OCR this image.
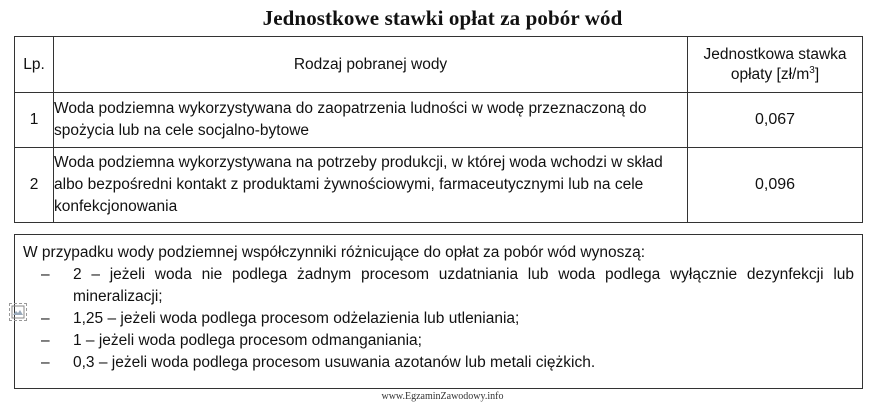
Jednostkowe stawki opłat za pobór wód
Lp.	Rodzaj pobranej wody	Jednostkowa stawka
opłaty $[zł/m^3]$
1	Woda podziemna wykorzystywana do zaopatrzenia ludności w wodę przeznaczoną do spożycia lub na cele socjalno-bytowe	0,067
2	Woda podziemna wykorzystywana na potrzeby produkcji, w której woda wchodzi w skład albo bezpośredni kontakt z produktami żywnościowymi, farmaceutycznymi lub na cele konfekcjonowania	0,096

W przypadku wody podziemnej współczynniki różnicujące do opłat za pobór wód wynoszą:

– 2 – jeżeli woda nie podlega żadnym procesom uzdatniania lub woda podlega wyłącznie dezynfekcji lub mineralizacji;
– 1,25 – jeżeli woda podlega procesom odżelazienia lub utleniania;
– 1 – jeżeli woda podlega procesom odmanganiania;
– 0,3 – jeżeli woda podlega procesom usuwania azotanów lub metali ciężkich.
www.EgzaminZawodowy.info
